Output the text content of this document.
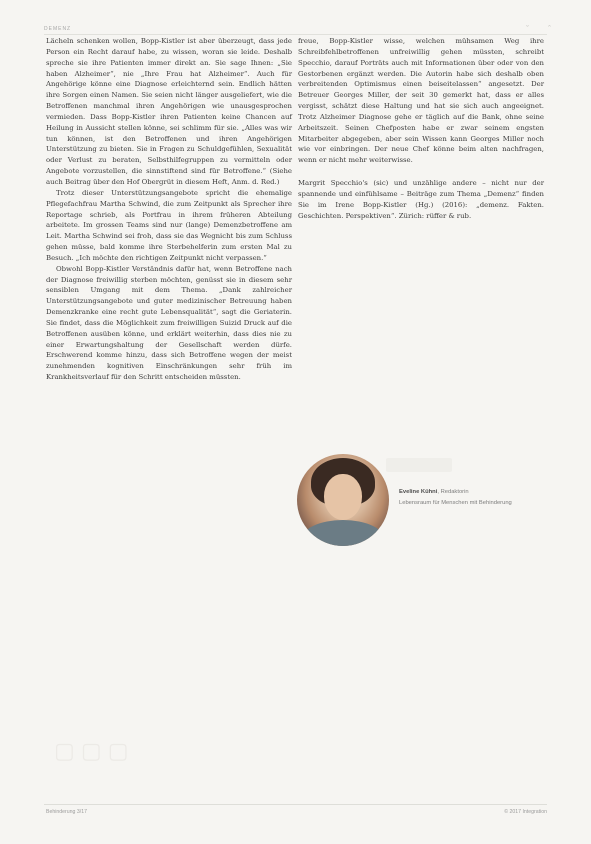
DEMENZ	ˇ ˆ

Lächeln schenken wollen, Bopp-Kistler ist aber überzeugt, dass jede Person ein Recht darauf habe, zu wissen, woran sie leide. Deshalb spreche sie ihre Patienten immer direkt an. Sie sage Ihnen: „Sie haben Alzheimer“, nie „Ihre Frau hat Alzheimer“. Auch für Angehörige könne eine Diagnose erleichternd sein. Endlich hätten ihre Sorgen einen Namen. Sie seien nicht länger ausgeliefert, wie die Betroffenen manchmal ihren Angehörigen wie unausgesprochen vermieden. Dass Bopp-Kistler ihren Patienten keine Chancen auf Heilung in Aussicht stellen könne, sei schlimm für sie. „Alles was wir tun können, ist den Betroffenen und ihren Angehörigen Unterstützung zu bieten. Sie in Fragen zu Schuldgefühlen, Sexualität oder Verlust zu beraten, Selbsthilfegruppen zu vermitteln oder Angebote vorzustellen, die sinnstiftend sind für Betroffene.“ (Siehe auch Beitrag über den Hof Obergrüt in diesem Heft, Anm. d. Red.)

Trotz dieser Unterstützungsangebote spricht die ehemalige Pflegefachfrau Martha Schwind, die zum Zeitpunkt als Sprecher ihre Reportage schrieb, als Portfrau in ihrem früheren Abteilung arbeitete. Im grossen Teams sind nur (lange) Demenzbetroffene am Leit. Martha Schwind sei froh, dass sie das Wegnicht bis zum Schluss gehen müsse, bald komme ihre Sterbehelferin zum ersten Mal zu Besuch. „Ich möchte den richtigen Zeitpunkt nicht verpassen.“

Obwohl Bopp-Kistler Verständnis dafür hat, wenn Betroffene nach der Diagnose freiwillig sterben möchten, genüsst sie in diesem sehr sensiblen Umgang mit dem Thema. „Dank zahlreicher Unterstützungsangebote und guter medizinischer Betreuung haben Demenzkranke eine recht gute Lebensqualität“, sagt die Geriaterin. Sie findet, dass die Möglichkeit zum freiwilligen Suizid Druck auf die Betroffenen ausüben könne, und erklärt weiterhin, dass dies nie zu einer Erwartungshaltung der Gesellschaft werden dürfe. Erschwerend komme hinzu, dass sich Betroffene wegen der meist zunehmenden kognitiven Einschränkungen sehr früh im Krankheitsverlauf für den Schritt entscheiden müssten.

freue, Bopp-Kistler wisse, welchen mühsamen Weg ihre Schreibfehlbetroffenen unfreiwillig gehen müssten, schreibt Specchio, darauf Porträts auch mit Informationen über oder von den Gestorbenen ergänzt werden. Die Autorin habe sich deshalb oben verbreitenden Optimismus einen beiseitelassen“ angesetzt. Der Betreuer Georges Miller, der seit 30 gemerkt hat, dass er alles vergisst, schätzt diese Haltung und hat sie sich auch angeeignet. Trotz Alzheimer Diagnose gehe er täglich auf die Bank, ohne seine Arbeitszeit. Seinen Chefposten habe er zwar seinem engsten Mitarbeiter abgegeben, aber sein Wissen kann Georges Miller noch wie vor einbringen. Der neue Chef könne beim alten nachfragen, wenn er nicht mehr weiterwisse.

Margrit Specchio's (sic) und unzählige andere – nicht nur der spannende und einfühlsame – Beiträge zum Thema „Demenz“ finden Sie im Irene Bopp-Kistler (Hg.) (2016): „demenz. Fakten. Geschichten. Perspektiven“. Zürich: rüffer & rub.

Eveline Kühni, Redaktorin
Lebensraum für Menschen mit Behinderung
▢ ▢ ▢
Behinderung 3/17	© 2017 Integration
